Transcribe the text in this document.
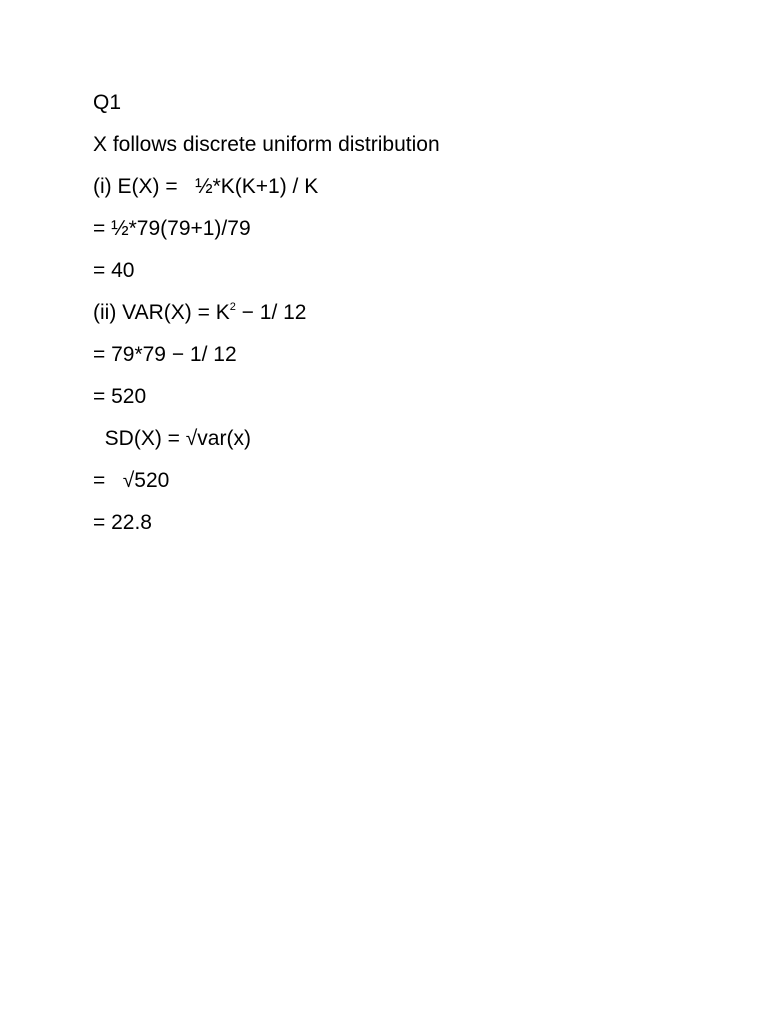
Q1
X follows discrete uniform distribution
(i) E(X) =   ½*K(K+1) / K
= ½*79(79+1)/79
= 40
(ii) $VAR(X) = K^2 - 1/$ 12
= 79*79 − 1/ 12
= 520
SD(X) = √var(x)
=   √520
= 22.8
